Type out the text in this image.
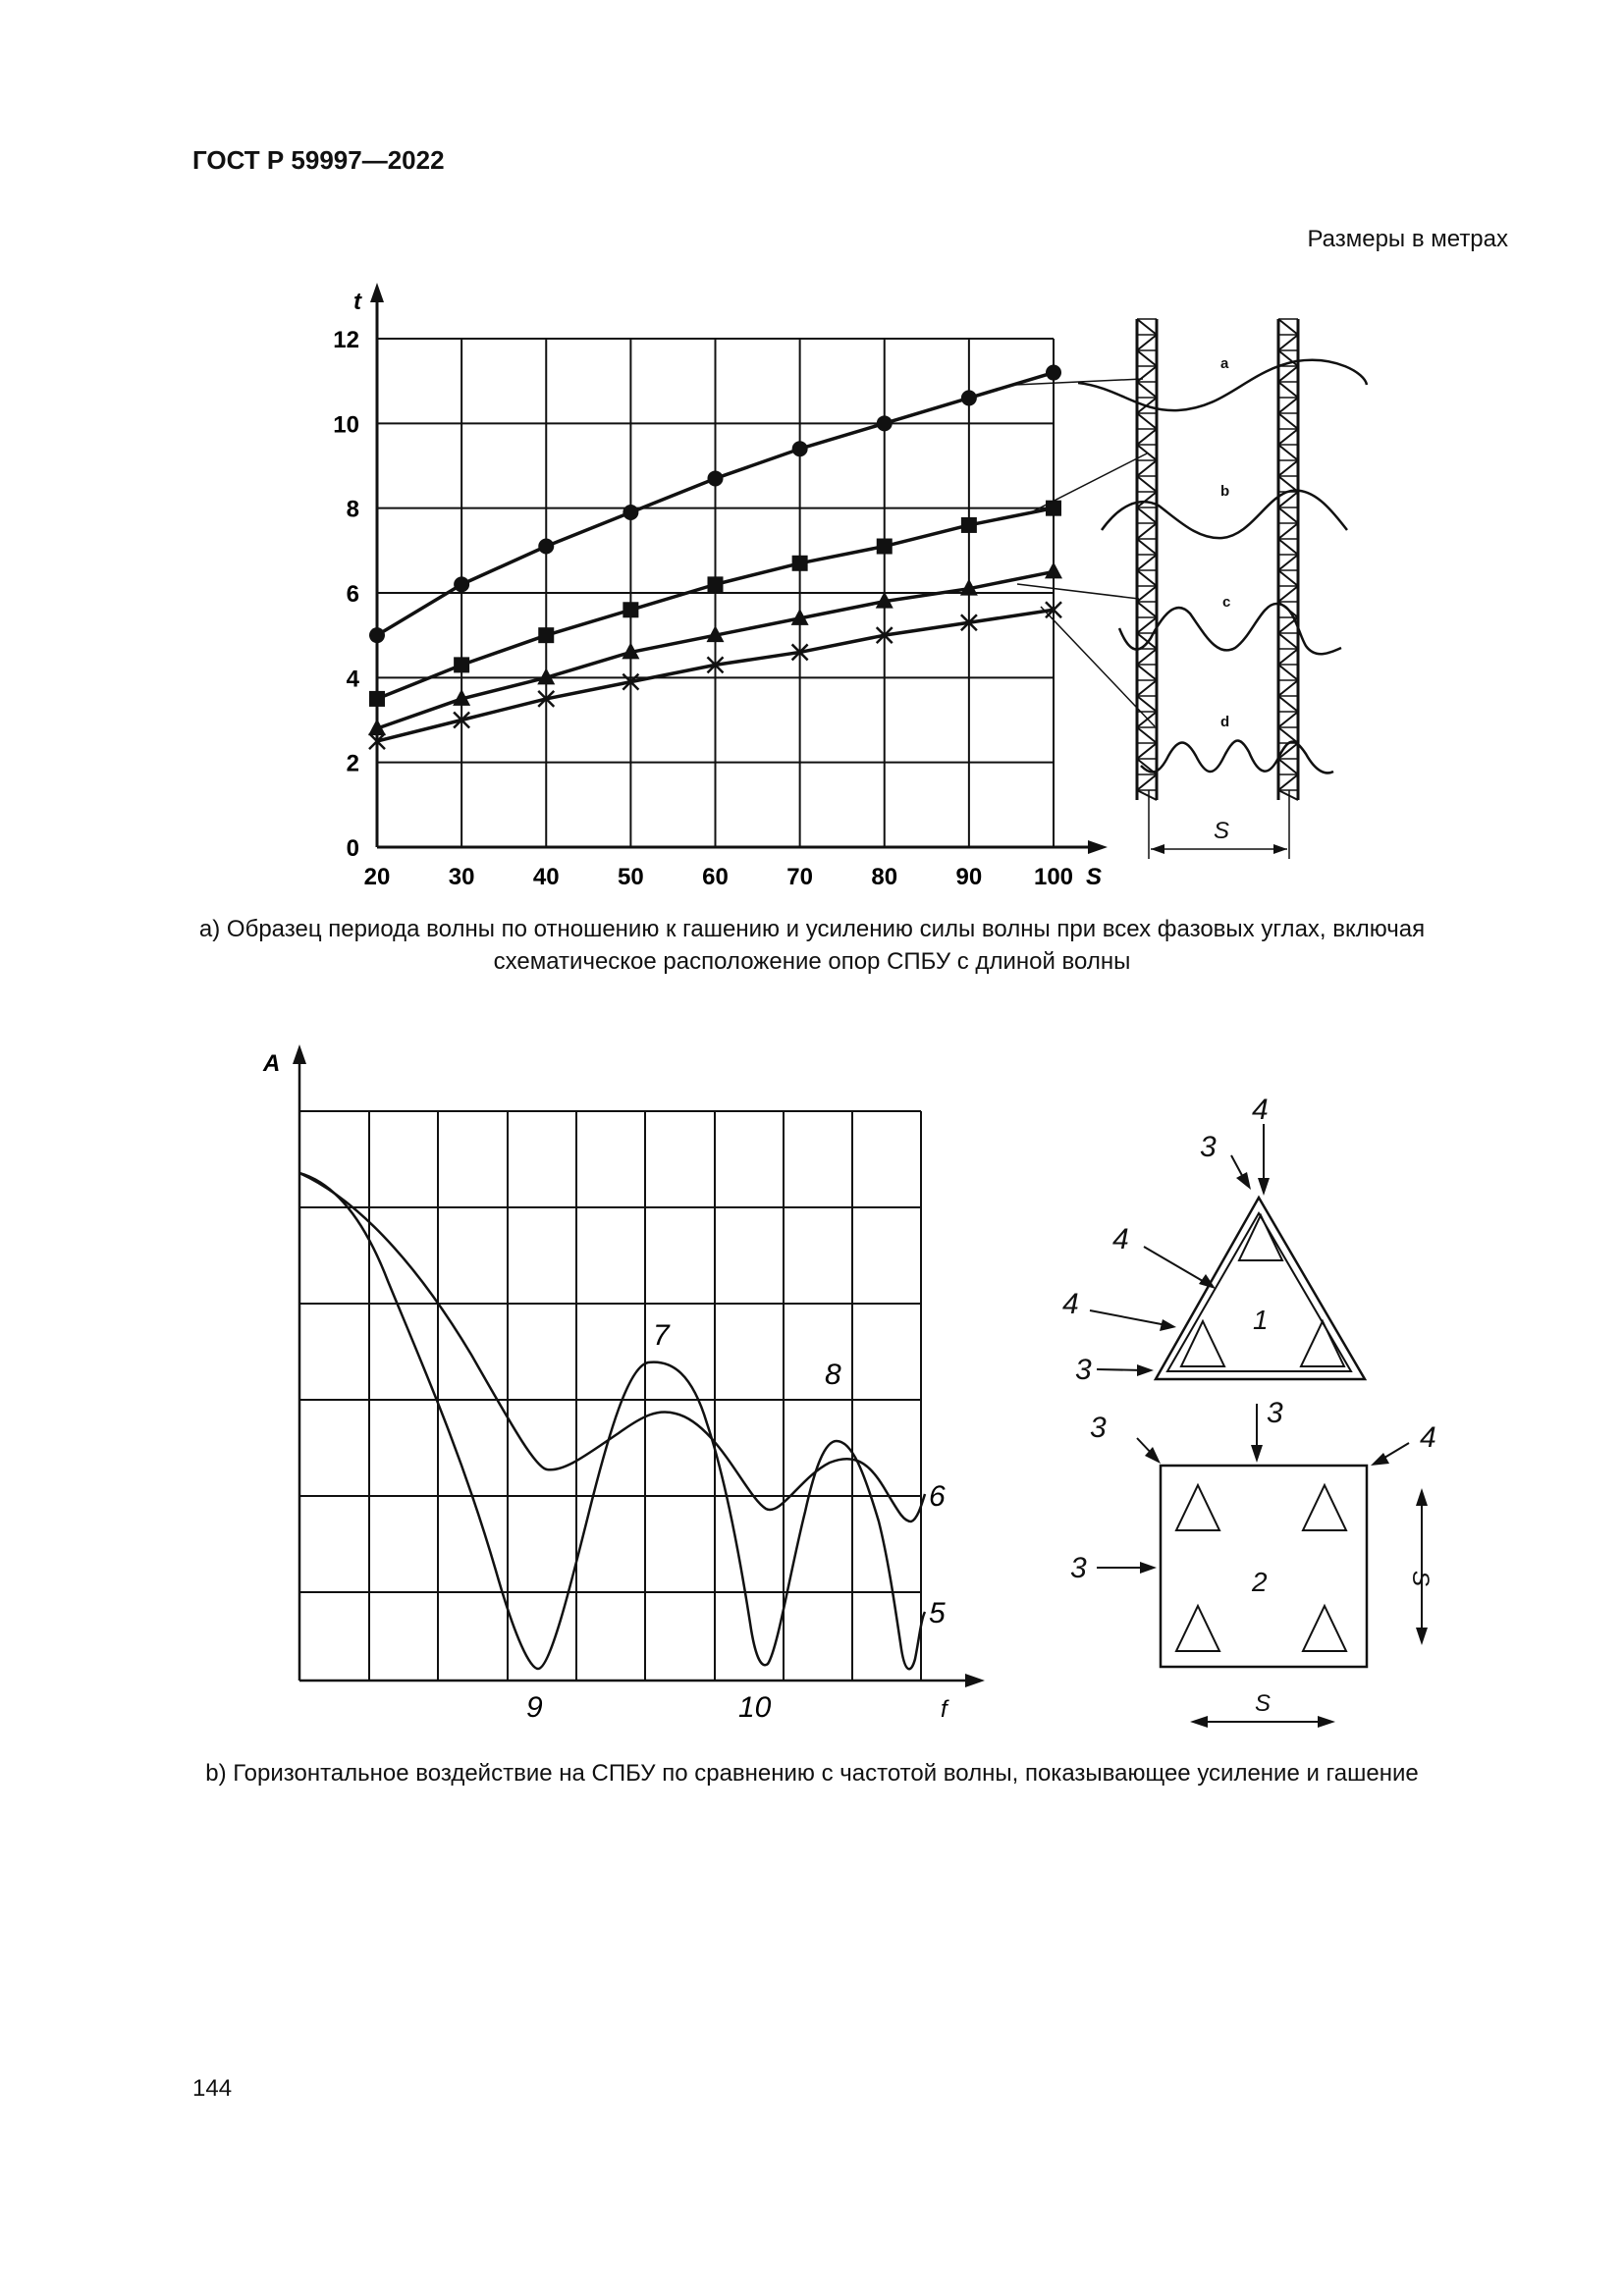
ГОСТ Р 59997—2022
Размеры в метрах
t
S
20 30 40 50 60 70 80 90 100
0
2
4
6
8
10
12
a
b
c
d
S
а) Образец периода волны по отношению к гашению и усилению силы волны при всех фазовых углах, включая
схематическое расположение опор СПБУ с длиной волны
A
f
7
8
6
5
9	10
1
3
4
4
4
3
2
3	3
4
3	S
S
b) Горизонтальное воздействие на СПБУ по сравнению с частотой волны, показывающее усиление и гашение
144
